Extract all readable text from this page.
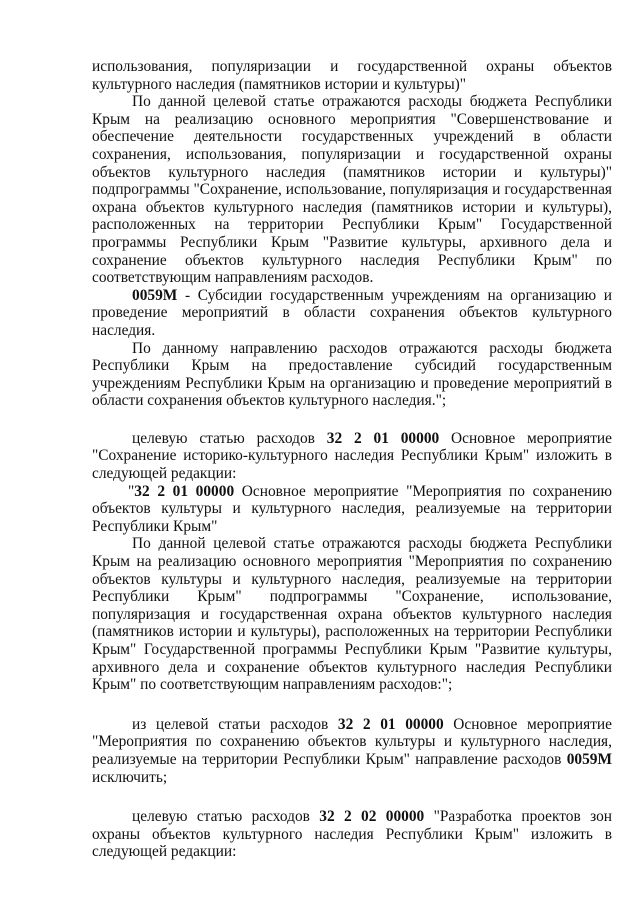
использования, популяризации и государственной охраны объектов культурного наследия (памятников истории и культуры)"

По данной целевой статье отражаются расходы бюджета Республики Крым на реализацию основного мероприятия "Совершенствование и обеспечение деятельности государственных учреждений в области сохранения, использования, популяризации и государственной охраны объектов культурного наследия (памятников истории и культуры)" подпрограммы "Сохранение, использование, популяризация и государственная охрана объектов культурного наследия (памятников истории и культуры), расположенных на территории Республики Крым" Государственной программы Республики Крым "Развитие культуры, архивного дела и сохранение объектов культурного наследия Республики Крым" по соответствующим направлениям расходов.

0059М - Субсидии государственным учреждениям на организацию и проведение мероприятий в области сохранения объектов культурного наследия.

По данному направлению расходов отражаются расходы бюджета Республики Крым на предоставление субсидий государственным учреждениям Республики Крым на организацию и проведение мероприятий в области сохранения объектов культурного наследия.";

целевую статью расходов 32 2 01 00000 Основное мероприятие "Сохранение историко-культурного наследия Республики Крым" изложить в следующей редакции:

"32 2 01 00000 Основное мероприятие "Мероприятия по сохранению объектов культуры и культурного наследия, реализуемые на территории Республики Крым"

По данной целевой статье отражаются расходы бюджета Республики Крым на реализацию основного мероприятия "Мероприятия по сохранению объектов культуры и культурного наследия, реализуемые на территории Республики Крым" подпрограммы "Сохранение, использование, популяризация и государственная охрана объектов культурного наследия (памятников истории и культуры), расположенных на территории Республики Крым" Государственной программы Республики Крым "Развитие культуры, архивного дела и сохранение объектов культурного наследия Республики Крым" по соответствующим направлениям расходов:";

из целевой статьи расходов 32 2 01 00000 Основное мероприятие "Мероприятия по сохранению объектов культуры и культурного наследия, реализуемые на территории Республики Крым" направление расходов 0059М исключить;

целевую статью расходов 32 2 02 00000 "Разработка проектов зон охраны объектов культурного наследия Республики Крым" изложить в следующей редакции:
